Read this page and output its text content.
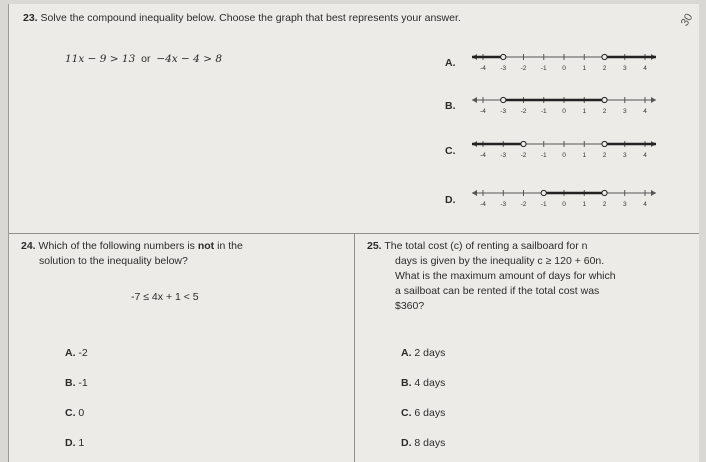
23. Solve the compound inequality below. Choose the graph that best represents your answer.
11x − 9 > 13 or −4x − 4 > 8
30
A.	-4 -3 -2 -1 0	1	2	3	4
B.	-4 -3 -2 -1 0	1	2	3	4
C.	-4 -3 -2 -1 0	1	2	3	4
D.	-4 -3 -2 -1 0	1	2	3	4
24. Which of the following numbers is not in the
solution to the inequality below?
-7 ≤ 4x + 1 < 5
A. -2
B. -1
C. 0
D. 1
25. The total cost (c) of renting a sailboard for n
days is given by the inequality c ≥ 120 + 60n.
What is the maximum amount of days for which
a sailboat can be rented if the total cost was
$360?
A. 2 days
B. 4 days
C. 6 days
D. 8 days
